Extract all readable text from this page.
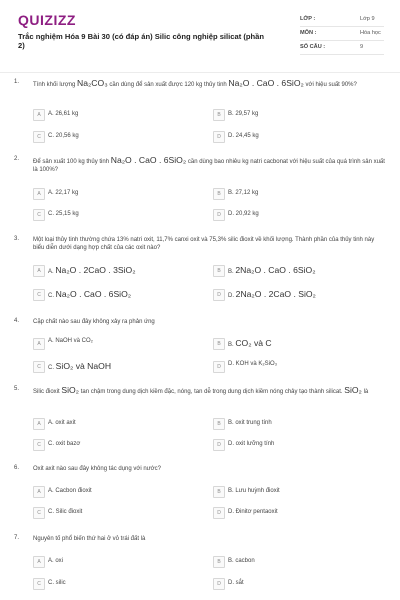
QUIZIZZ
Trắc nghiệm Hóa 9 Bài 30 (có đáp án) Silic công nghiệp silicat (phần 2)
LỚP :	Lớp 9
MÔN :	Hóa học
SỐ CÂU :	9
1. Tính khối lượng Na₂CO₃ cần dùng để sản xuất được 120 kg thủy tinh Na₂O . CaO . 6SiO₂ với hiệu suất 90%?
A	A. 26,61 kg	B	B. 29,57 kg
C	C. 20,56 kg	D	D. 24,45 kg
2. Để sản xuất 100 kg thủy tinh Na₂O . CaO . 6SiO₂ cần dùng bao nhiêu kg natri cacbonat với hiệu suất của quá trình sản xuất là 100%?
A	A. 22,17 kg	B	B. 27,12 kg
C	C. 25,15 kg	D	D. 20,92 kg
3. Một loại thủy tinh thường chứa 13% natri oxit, 11,7% canxi oxit và 75,3% silic đioxit về khối lượng. Thành phần của thủy tinh này biểu diễn dưới dạng hợp chất của các oxit nào?
A	A. Na₂O . 2CaO . 3SiO₂	B	B. 2Na₂O . CaO . 6SiO₂
C	C. Na₂O . CaO . 6SiO₂	D	D. 2Na₂O . 2CaO . SiO₂
4. Cặp chất nào sau đây không xảy ra phản ứng
A	A. NaOH và CO₂	B	B. CO₂ và C
C	C. SiO₂ và NaOH	D	D. KOH và K₂SiO₃
5. Silic đioxit SiO₂ tan chậm trong dung dịch kiềm đặc, nóng, tan dễ trong dung dịch kiềm nóng chảy tạo thành silicat. SiO₂ là
A	A. oxit axit	B	B. oxit trung tính
C	C. oxit bazơ	D	D. oxit lưỡng tính
6. Oxit axit nào sau đây không tác dụng với nước?
A	A. Cacbon đioxit	B	B. Lưu huỳnh đioxit
C	C. Silic đioxit	D	D. Đinitơ pentaoxit
7. Nguyên tố phổ biến thứ hai ở vỏ trái đất là
A	A. oxi	B	B. cacbon
C	C. silic	D	D. sắt
